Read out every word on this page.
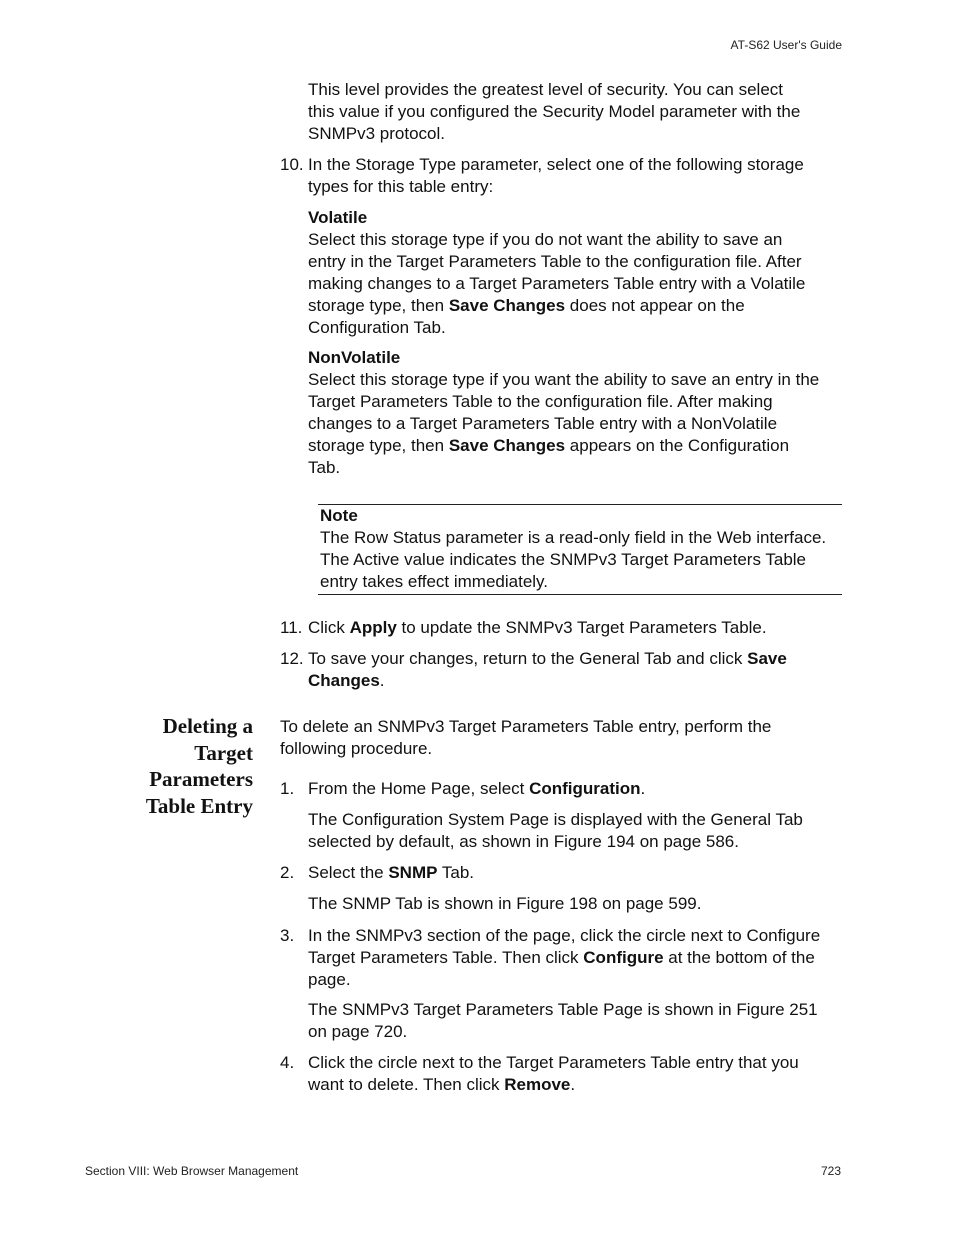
AT-S62 User's Guide
This level provides the greatest level of security. You can select this value if you configured the Security Model parameter with the SNMPv3 protocol.
10. In the Storage Type parameter, select one of the following storage types for this table entry:
Volatile
Select this storage type if you do not want the ability to save an entry in the Target Parameters Table to the configuration file. After making changes to a Target Parameters Table entry with a Volatile storage type, then Save Changes does not appear on the Configuration Tab.
NonVolatile
Select this storage type if you want the ability to save an entry in the Target Parameters Table to the configuration file. After making changes to a Target Parameters Table entry with a NonVolatile storage type, then Save Changes appears on the Configuration Tab.
Note
The Row Status parameter is a read-only field in the Web interface. The Active value indicates the SNMPv3 Target Parameters Table entry takes effect immediately.
11. Click Apply to update the SNMPv3 Target Parameters Table.
12. To save your changes, return to the General Tab and click Save Changes.
Deleting a
Target
Parameters
Table Entry
To delete an SNMPv3 Target Parameters Table entry, perform the following procedure.
1. From the Home Page, select Configuration.
The Configuration System Page is displayed with the General Tab selected by default, as shown in Figure 194 on page 586.
2. Select the SNMP Tab.
The SNMP Tab is shown in Figure 198 on page 599.
3. In the SNMPv3 section of the page, click the circle next to Configure Target Parameters Table. Then click Configure at the bottom of the page.
The SNMPv3 Target Parameters Table Page is shown in Figure 251 on page 720.
4. Click the circle next to the Target Parameters Table entry that you want to delete. Then click Remove.
Section VIII: Web Browser Management	723
